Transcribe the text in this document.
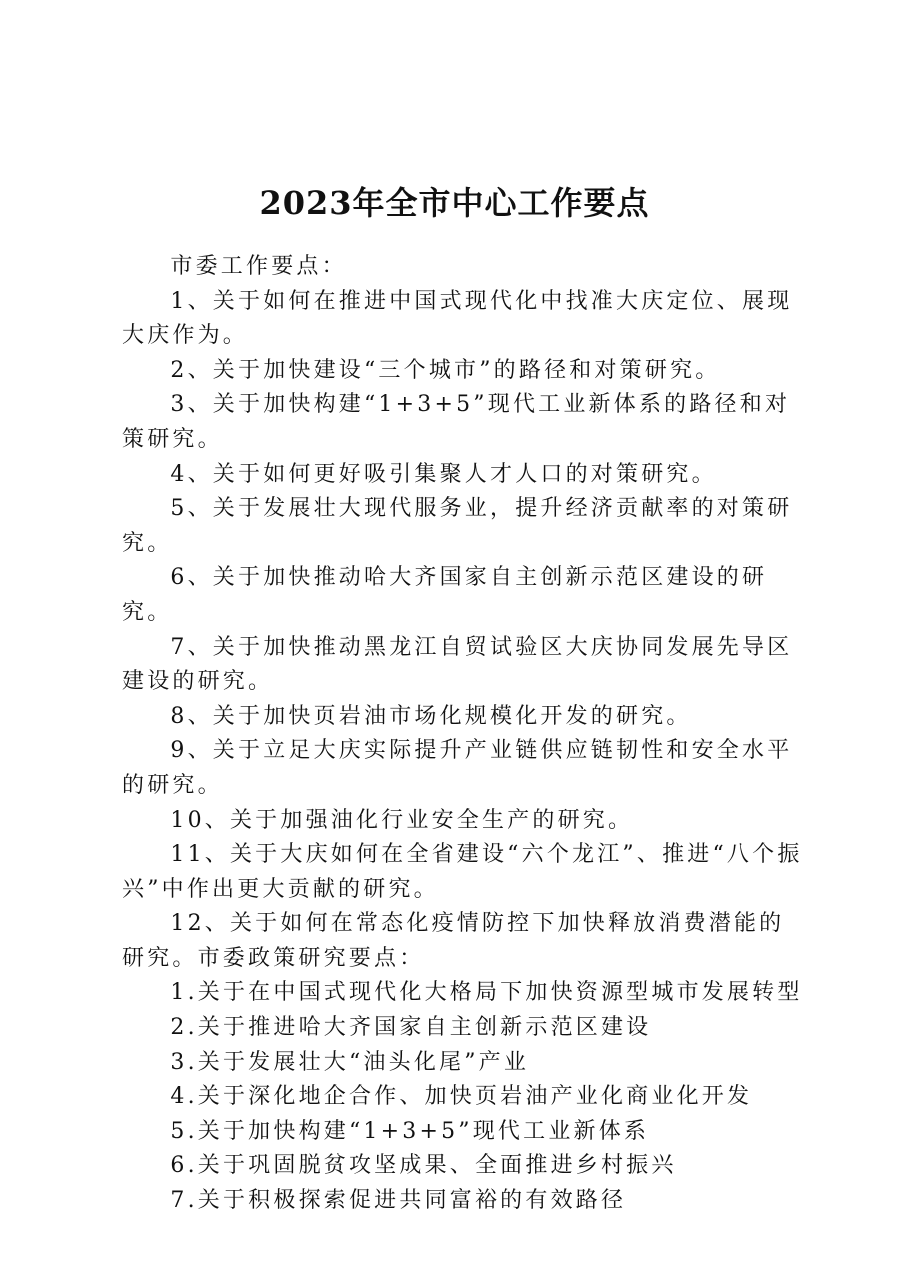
2023年全市中心工作要点

市委工作要点：

1、关于如何在推进中国式现代化中找准大庆定位、展现大庆作为。

2、关于加快建设“三个城市”的路径和对策研究。

3、关于加快构建“1+3+5”现代工业新体系的路径和对策研究。

4、关于如何更好吸引集聚人才人口的对策研究。

5、关于发展壮大现代服务业，提升经济贡献率的对策研究。

6、关于加快推动哈大齐国家自主创新示范区建设的研究。

7、关于加快推动黑龙江自贸试验区大庆协同发展先导区建设的研究。

8、关于加快页岩油市场化规模化开发的研究。

9、关于立足大庆实际提升产业链供应链韧性和安全水平的研究。

10、关于加强油化行业安全生产的研究。

11、关于大庆如何在全省建设“六个龙江”、推进“八个振兴”中作出更大贡献的研究。

12、关于如何在常态化疫情防控下加快释放消费潜能的研究。市委政策研究要点：

1.关于在中国式现代化大格局下加快资源型城市发展转型

2.关于推进哈大齐国家自主创新示范区建设

3.关于发展壮大“油头化尾”产业

4.关于深化地企合作、加快页岩油产业化商业化开发

5.关于加快构建“1+3+5”现代工业新体系

6.关于巩固脱贫攻坚成果、全面推进乡村振兴

7.关于积极探索促进共同富裕的有效路径
